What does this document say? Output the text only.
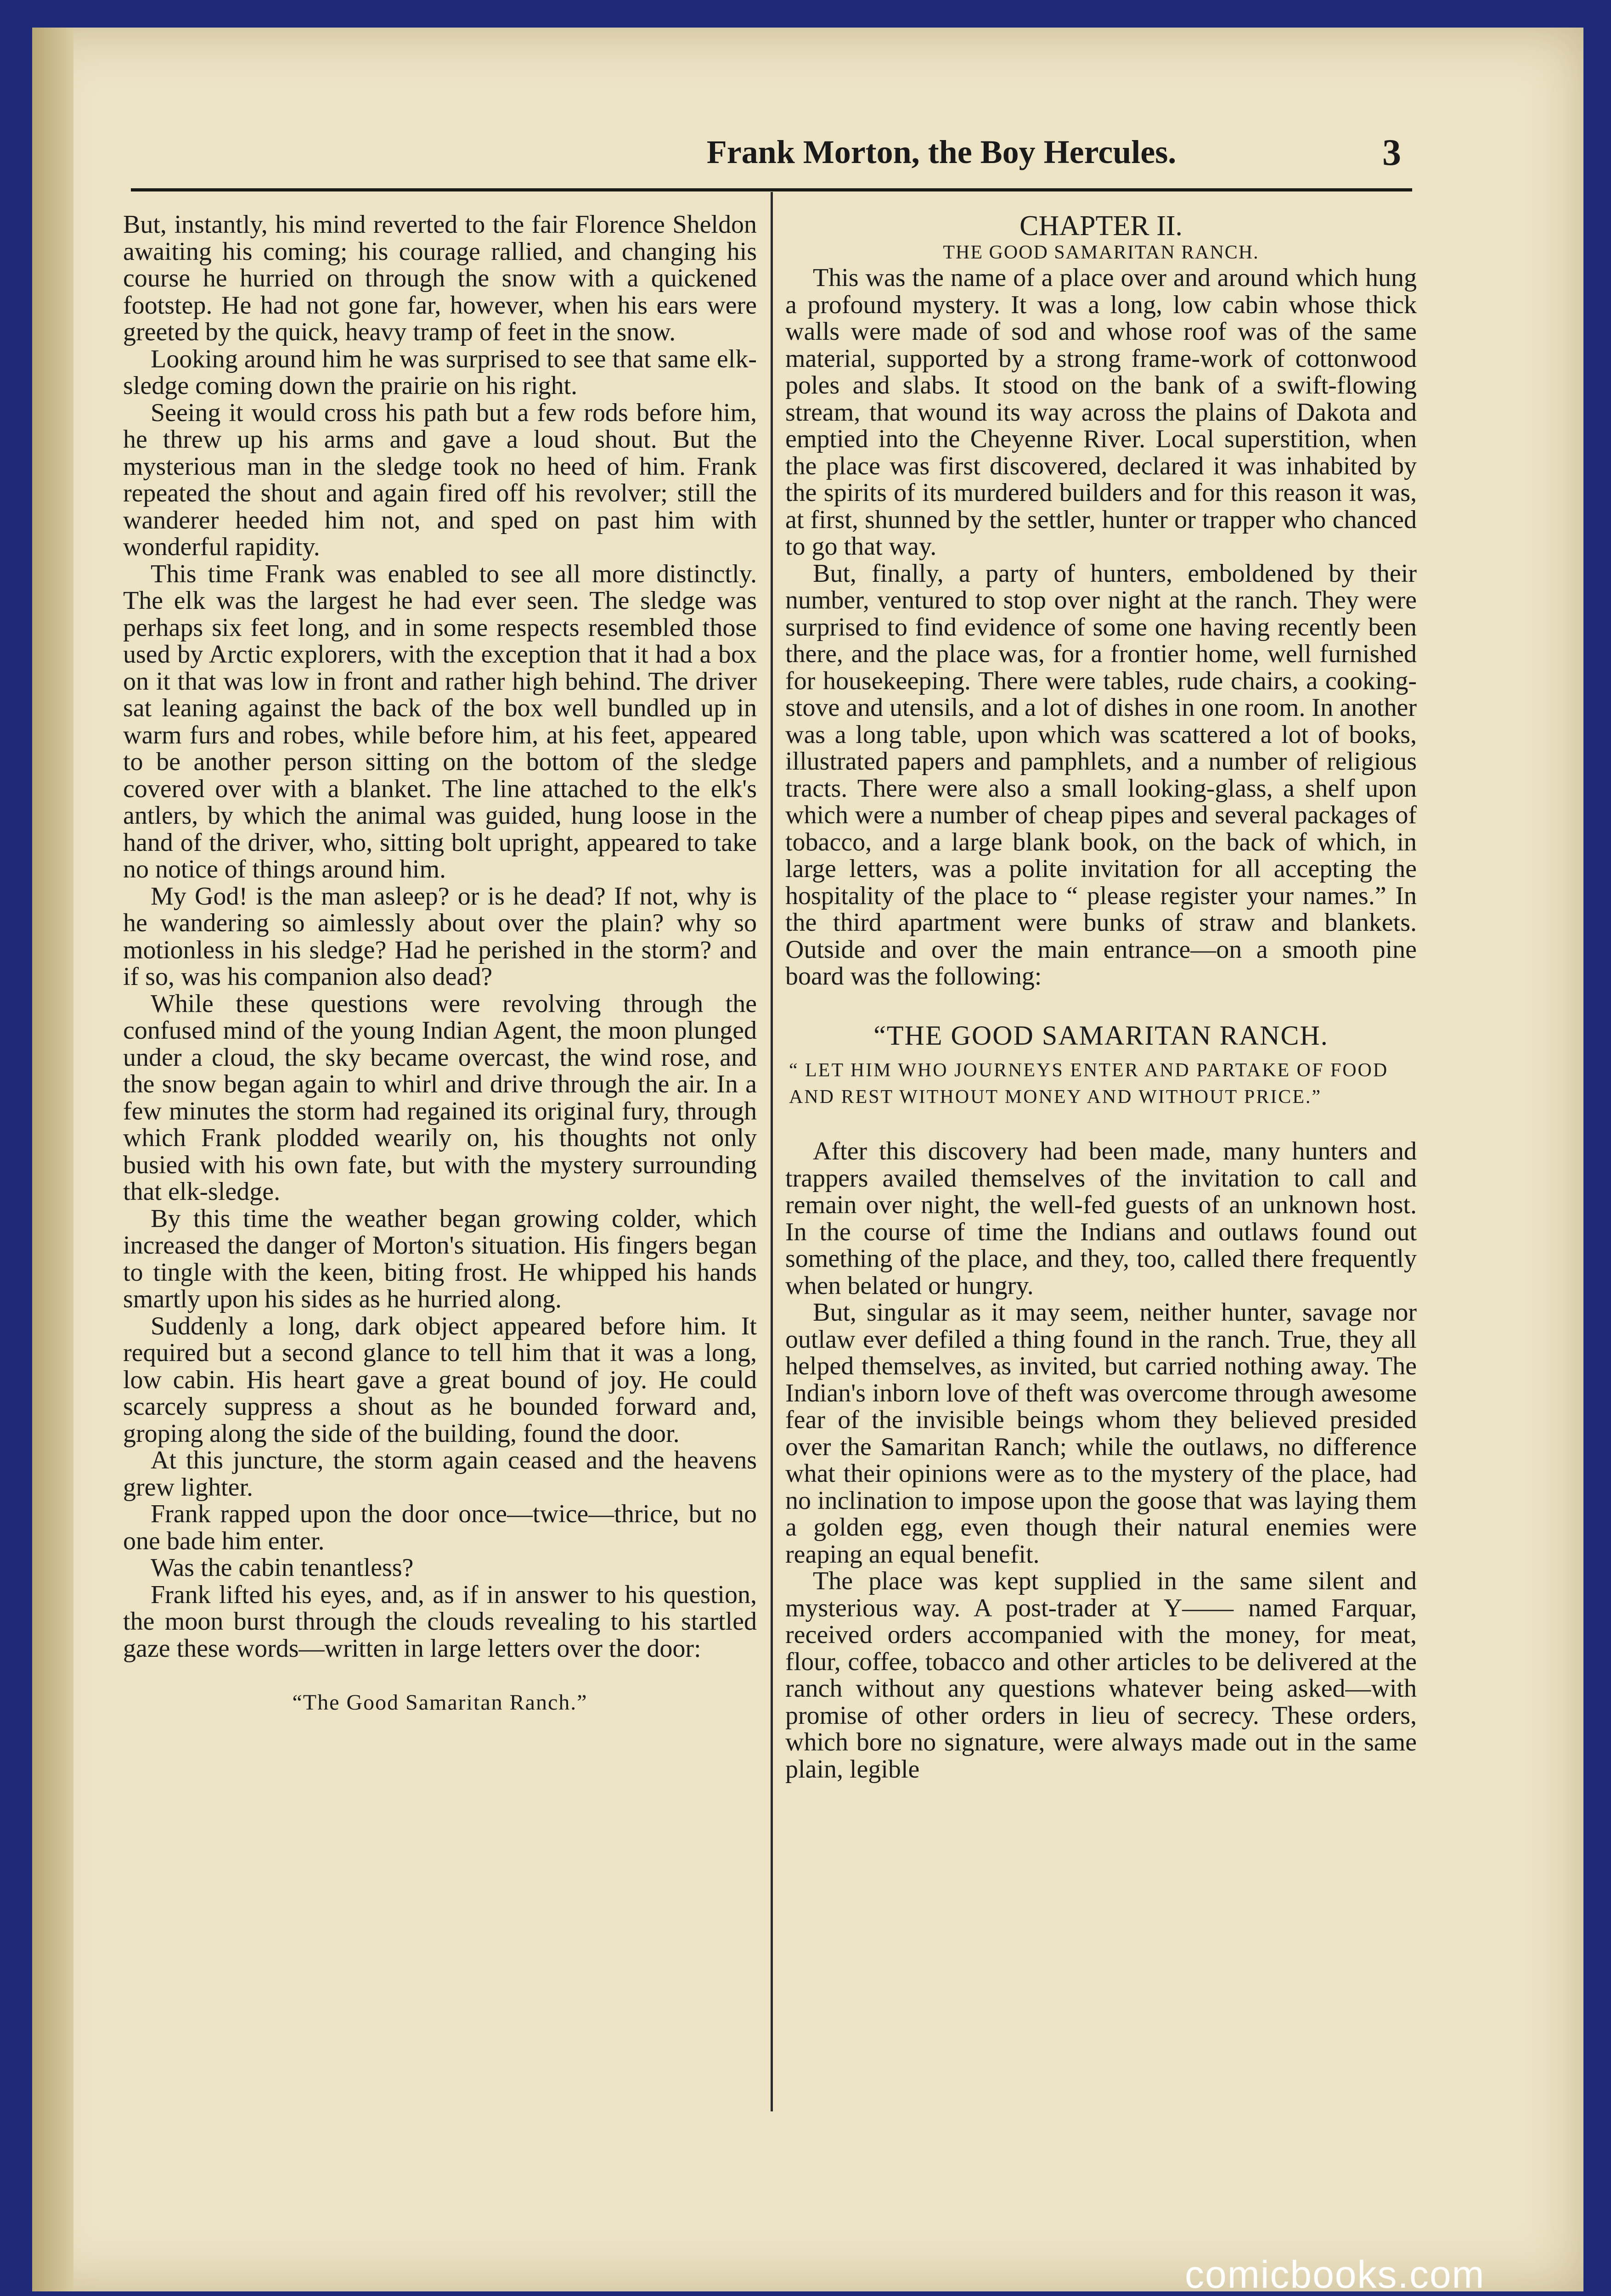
Frank Morton, the Boy Hercules.	3

But, instantly, his mind reverted to the fair Florence Sheldon awaiting his coming; his courage rallied, and changing his course he hurried on through the snow with a quickened footstep. He had not gone far, however, when his ears were greeted by the quick, heavy tramp of feet in the snow.

Looking around him he was surprised to see that same elk-sledge coming down the prairie on his right.

Seeing it would cross his path but a few rods before him, he threw up his arms and gave a loud shout. But the mysterious man in the sledge took no heed of him. Frank repeated the shout and again fired off his revolver; still the wanderer heeded him not, and sped on past him with wonderful rapidity.

This time Frank was enabled to see all more distinctly. The elk was the largest he had ever seen. The sledge was perhaps six feet long, and in some respects resembled those used by Arctic explorers, with the exception that it had a box on it that was low in front and rather high behind. The driver sat leaning against the back of the box well bundled up in warm furs and robes, while before him, at his feet, appeared to be another person sitting on the bottom of the sledge covered over with a blanket. The line attached to the elk's antlers, by which the animal was guided, hung loose in the hand of the driver, who, sitting bolt upright, appeared to take no notice of things around him.

My God! is the man asleep? or is he dead? If not, why is he wandering so aimlessly about over the plain? why so motionless in his sledge? Had he perished in the storm? and if so, was his companion also dead?

While these questions were revolving through the confused mind of the young Indian Agent, the moon plunged under a cloud, the sky became overcast, the wind rose, and the snow began again to whirl and drive through the air. In a few minutes the storm had regained its original fury, through which Frank plodded wearily on, his thoughts not only busied with his own fate, but with the mystery surrounding that elk-sledge.

By this time the weather began growing colder, which increased the danger of Morton's situation. His fingers began to tingle with the keen, biting frost. He whipped his hands smartly upon his sides as he hurried along.

Suddenly a long, dark object appeared before him. It required but a second glance to tell him that it was a long, low cabin. His heart gave a great bound of joy. He could scarcely suppress a shout as he bounded forward and, groping along the side of the building, found the door.

At this juncture, the storm again ceased and the heavens grew lighter.

Frank rapped upon the door once—twice—thrice, but no one bade him enter.

Was the cabin tenantless?

Frank lifted his eyes, and, as if in answer to his question, the moon burst through the clouds revealing to his startled gaze these words—written in large letters over the door:

“The Good Samaritan Ranch.”

CHAPTER II.

THE GOOD SAMARITAN RANCH.

This was the name of a place over and around which hung a profound mystery. It was a long, low cabin whose thick walls were made of sod and whose roof was of the same material, supported by a strong frame-work of cottonwood poles and slabs. It stood on the bank of a swift-flowing stream, that wound its way across the plains of Dakota and emptied into the Cheyenne River. Local superstition, when the place was first discovered, declared it was inhabited by the spirits of its murdered builders and for this reason it was, at first, shunned by the settler, hunter or trapper who chanced to go that way.

But, finally, a party of hunters, emboldened by their number, ventured to stop over night at the ranch. They were surprised to find evidence of some one having recently been there, and the place was, for a frontier home, well furnished for housekeeping. There were tables, rude chairs, a cooking-stove and utensils, and a lot of dishes in one room. In another was a long table, upon which was scattered a lot of books, illustrated papers and pamphlets, and a number of religious tracts. There were also a small looking-glass, a shelf upon which were a number of cheap pipes and several packages of tobacco, and a large blank book, on the back of which, in large letters, was a polite invitation for all accepting the hospitality of the place to “ please register your names.” In the third apartment were bunks of straw and blankets. Outside and over the main entrance—on a smooth pine board was the following:

“THE GOOD SAMARITAN RANCH.

“ LET HIM WHO JOURNEYS ENTER AND PARTAKE OF FOOD AND REST WITHOUT MONEY AND WITHOUT PRICE.”

After this discovery had been made, many hunters and trappers availed themselves of the invitation to call and remain over night, the well-fed guests of an unknown host. In the course of time the Indians and outlaws found out something of the place, and they, too, called there frequently when belated or hungry.

But, singular as it may seem, neither hunter, savage nor outlaw ever defiled a thing found in the ranch. True, they all helped themselves, as invited, but carried nothing away. The Indian's inborn love of theft was overcome through awesome fear of the invisible beings whom they believed presided over the Samaritan Ranch; while the outlaws, no difference what their opinions were as to the mystery of the place, had no inclination to impose upon the goose that was laying them a golden egg, even though their natural enemies were reaping an equal benefit.

The place was kept supplied in the same silent and mysterious way. A post-trader at Y—— named Farquar, received orders accompanied with the money, for meat, flour, coffee, tobacco and other articles to be delivered at the ranch without any questions whatever being asked—with promise of other orders in lieu of secrecy. These orders, which bore no signature, were always made out in the same plain, legible

comicbooks.com
